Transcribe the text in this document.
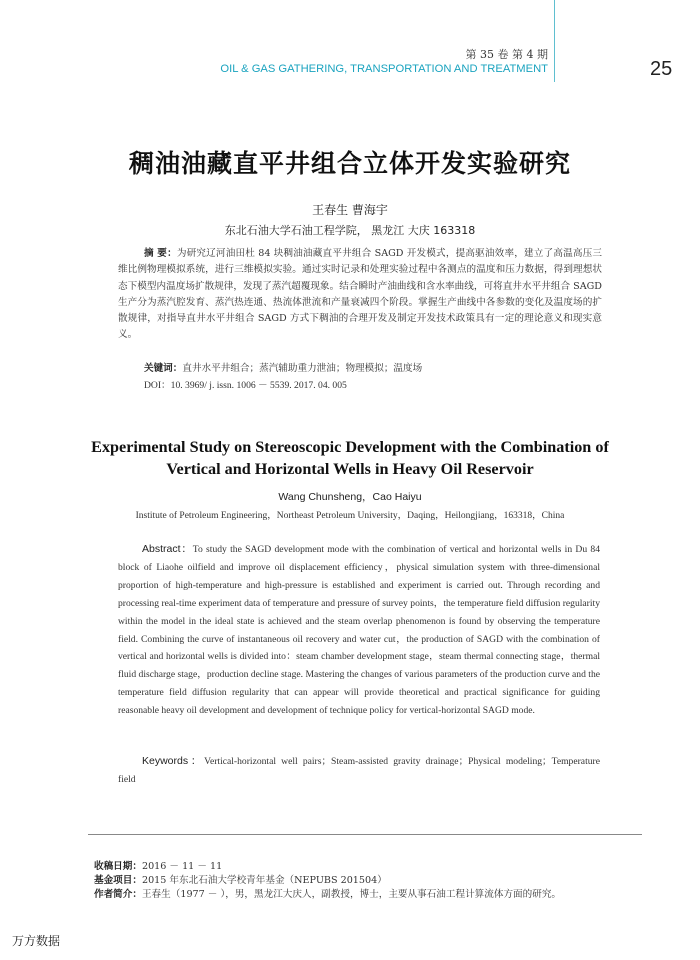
第 35 卷 第 4 期
OIL & GAS GATHERING, TRANSPORTATION AND TREATMENT	25
稠油油藏直平井组合立体开发实验研究
王春生 曹海宇
东北石油大学石油工程学院， 黑龙江 大庆 163318
摘 要：为研究辽河油田杜 84 块稠油油藏直平井组合 SAGD 开发模式，提高驱油效率，建立了高温高压三维比例物理模拟系统，进行三维模拟实验。通过实时记录和处理实验过程中各测点的温度和压力数据，得到理想状态下模型内温度场扩散规律，发现了蒸汽超覆现象。结合瞬时产油曲线和含水率曲线，可将直井水平井组合 SAGD 生产分为蒸汽腔发育、蒸汽热连通、热流体泄流和产量衰减四个阶段。掌握生产曲线中各参数的变化及温度场的扩散规律，对指导直井水平井组合 SAGD 方式下稠油的合理开发及制定开发技术政策具有一定的理论意义和现实意义。
关键词：直井水平井组合；蒸汽辅助重力泄油；物理模拟；温度场
DOI：10. 3969/ j. issn. 1006 － 5539. 2017. 04. 005
Experimental Study on Stereoscopic Development with the Combination of Vertical and Horizontal Wells in Heavy Oil Reservoir
Wang Chunsheng，Cao Haiyu
Institute of Petroleum Engineering，Northeast Petroleum University，Daqing，Heilongjiang，163318，China
Abstract：To study the SAGD development mode with the combination of vertical and horizontal wells in Du 84 block of Liaohe oilfield and improve oil displacement efficiency，physical simulation system with three-dimensional proportion of high-temperature and high-pressure is established and experiment is carried out. Through recording and processing real-time experiment data of temperature and pressure of survey points，the temperature field diffusion regularity within the model in the ideal state is achieved and the steam overlap phenomenon is found by observing the temperature field. Combining the curve of instantaneous oil recovery and water cut，the production of SAGD with the combination of vertical and horizontal wells is divided into：steam chamber development stage，steam thermal connecting stage，thermal fluid discharge stage，production decline stage. Mastering the changes of various parameters of the production curve and the temperature field diffusion regularity that can appear will provide theoretical and practical significance for guiding reasonable heavy oil development and development of technique policy for vertical-horizontal SAGD mode.
Keywords：Vertical-horizontal well pairs；Steam-assisted gravity drainage；Physical modeling；Temperature field
收稿日期：2016 － 11 － 11
基金项目：2015 年东北石油大学校青年基金（NEPUBS 201504）
作者简介：王春生（1977 － ），男，黑龙江大庆人，副教授，博士，主要从事石油工程计算流体方面的研究。
万方数据
